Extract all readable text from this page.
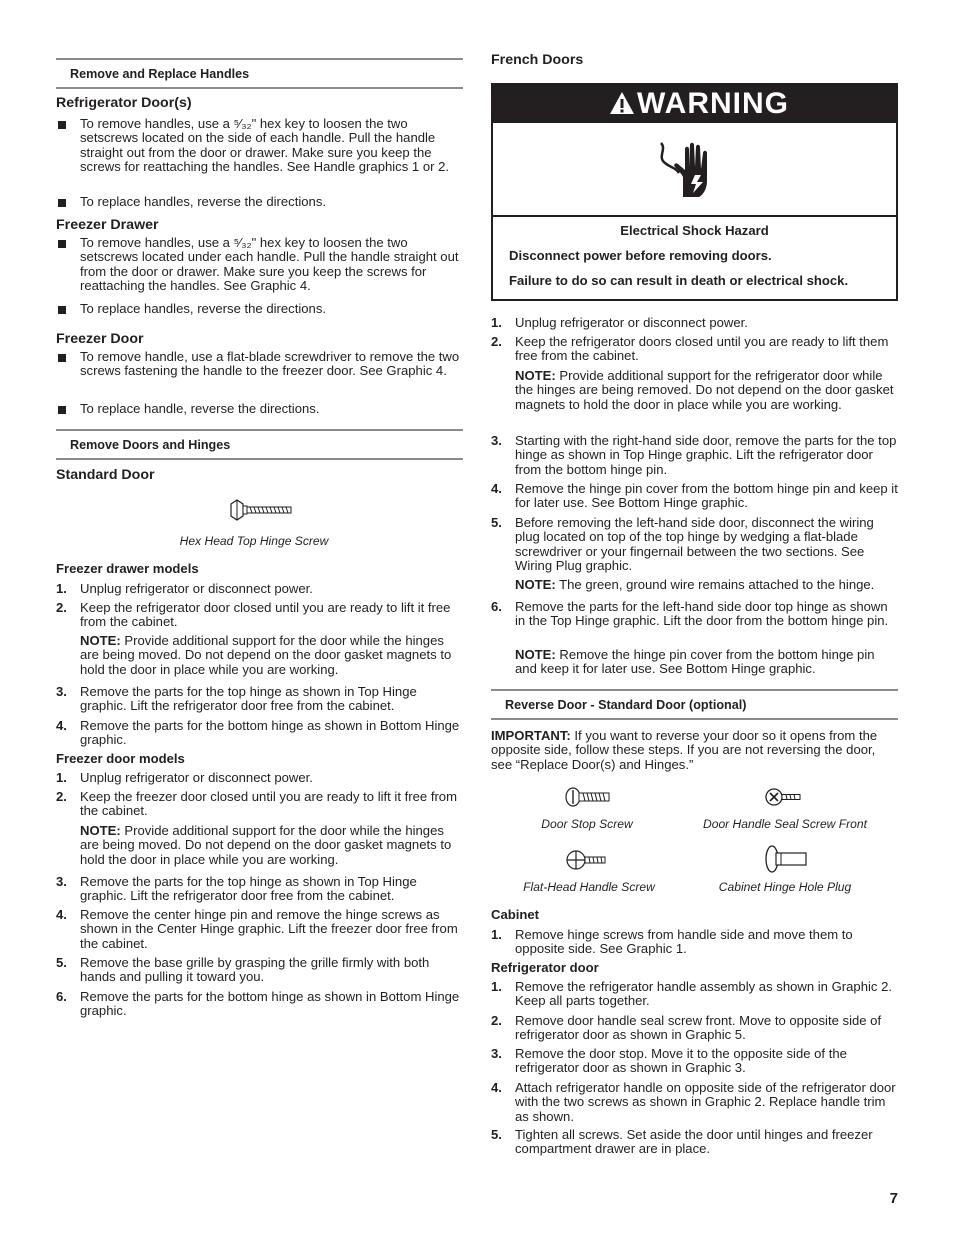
Remove and Replace Handles
Refrigerator Door(s)
To remove handles, use a ⁵⁄₃₂" hex key to loosen the two setscrews located on the side of each handle. Pull the handle straight out from the door or drawer. Make sure you keep the screws for reattaching the handles. See Handle graphics 1 or 2.
To replace handles, reverse the directions.
Freezer Drawer
To remove handles, use a ⁵⁄₃₂" hex key to loosen the two setscrews located under each handle. Pull the handle straight out from the door or drawer. Make sure you keep the screws for reattaching the handles. See Graphic 4.
To replace handles, reverse the directions.
Freezer Door
To remove handle, use a flat-blade screwdriver to remove the two screws fastening the handle to the freezer door. See Graphic 4.
To replace handle, reverse the directions.
Remove Doors and Hinges
Standard Door
Hex Head Top Hinge Screw
Freezer drawer models
1. Unplug refrigerator or disconnect power.
2. Keep the refrigerator door closed until you are ready to lift it free from the cabinet.
NOTE: Provide additional support for the door while the hinges are being moved. Do not depend on the door gasket magnets to hold the door in place while you are working.
3. Remove the parts for the top hinge as shown in Top Hinge graphic. Lift the refrigerator door free from the cabinet.
4. Remove the parts for the bottom hinge as shown in Bottom Hinge graphic.
Freezer door models
1. Unplug refrigerator or disconnect power.
2. Keep the freezer door closed until you are ready to lift it free from the cabinet.
NOTE: Provide additional support for the door while the hinges are being moved. Do not depend on the door gasket magnets to hold the door in place while you are working.
3. Remove the parts for the top hinge as shown in Top Hinge graphic. Lift the refrigerator door free from the cabinet.
4. Remove the center hinge pin and remove the hinge screws as shown in the Center Hinge graphic. Lift the freezer door free from the cabinet.
5. Remove the base grille by grasping the grille firmly with both hands and pulling it toward you.
6. Remove the parts for the bottom hinge as shown in Bottom Hinge graphic.
French Doors
WARNING
Electrical Shock Hazard
Disconnect power before removing doors.
Failure to do so can result in death or electrical shock.
1. Unplug refrigerator or disconnect power.
2. Keep the refrigerator doors closed until you are ready to lift them free from the cabinet.
NOTE: Provide additional support for the refrigerator door while the hinges are being removed. Do not depend on the door gasket magnets to hold the door in place while you are working.
3. Starting with the right-hand side door, remove the parts for the top hinge as shown in Top Hinge graphic. Lift the refrigerator door from the bottom hinge pin.
4. Remove the hinge pin cover from the bottom hinge pin and keep it for later use. See Bottom Hinge graphic.
5. Before removing the left-hand side door, disconnect the wiring plug located on top of the top hinge by wedging a flat-blade screwdriver or your fingernail between the two sections. See Wiring Plug graphic.
NOTE: The green, ground wire remains attached to the hinge.
6. Remove the parts for the left-hand side door top hinge as shown in the Top Hinge graphic. Lift the door from the bottom hinge pin.
NOTE: Remove the hinge pin cover from the bottom hinge pin and keep it for later use. See Bottom Hinge graphic.
Reverse Door - Standard Door (optional)
IMPORTANT: If you want to reverse your door so it opens from the opposite side, follow these steps. If you are not reversing the door, see “Replace Door(s) and Hinges.”
Door Stop Screw	Door Handle Seal Screw Front
Flat-Head Handle Screw	Cabinet Hinge Hole Plug
Cabinet
1. Remove hinge screws from handle side and move them to opposite side. See Graphic 1.
Refrigerator door
1. Remove the refrigerator handle assembly as shown in Graphic 2. Keep all parts together.
2. Remove door handle seal screw front. Move to opposite side of refrigerator door as shown in Graphic 5.
3. Remove the door stop. Move it to the opposite side of the refrigerator door as shown in Graphic 3.
4. Attach refrigerator handle on opposite side of the refrigerator door with the two screws as shown in Graphic 2. Replace handle trim as shown.
5. Tighten all screws. Set aside the door until hinges and freezer compartment drawer are in place.
7
